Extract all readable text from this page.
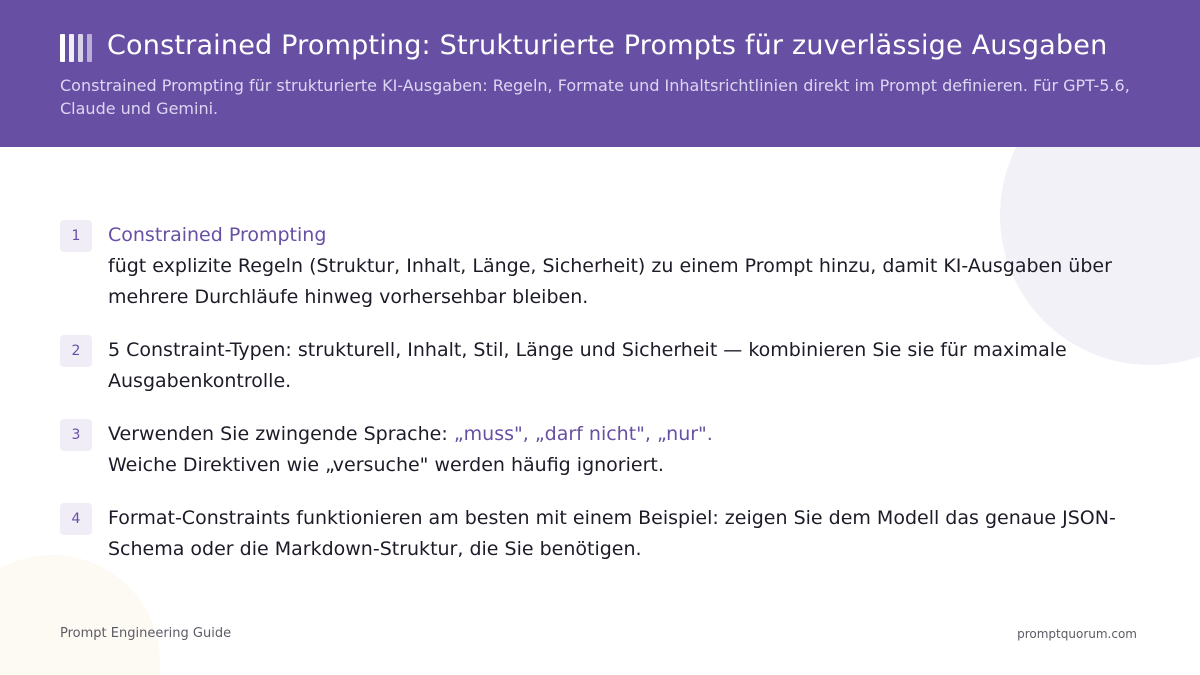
Constrained Prompting: Strukturierte Prompts für zuverlässige Ausgaben

Constrained Prompting für strukturierte KI-Ausgaben: Regeln, Formate und Inhaltsrichtlinien direkt im Prompt definieren. Für GPT-5.6, Claude und Gemini.

1	Constrained Prompting
fügt explizite Regeln (Struktur, Inhalt, Länge, Sicherheit) zu einem Prompt hinzu, damit KI-Ausgaben über mehrere Durchläufe hinweg vorhersehbar bleiben.
2	5 Constraint-Typen: strukturell, Inhalt, Stil, Länge und Sicherheit — kombinieren Sie sie für maximale Ausgabenkontrolle.
3	Verwenden Sie zwingende Sprache: „muss", „darf nicht", „nur".
Weiche Direktiven wie „versuche" werden häufig ignoriert.
4	Format-Constraints funktionieren am besten mit einem Beispiel: zeigen Sie dem Modell das genaue JSON-Schema oder die Markdown-Struktur, die Sie benötigen.
Prompt Engineering Guide	promptquorum.com
